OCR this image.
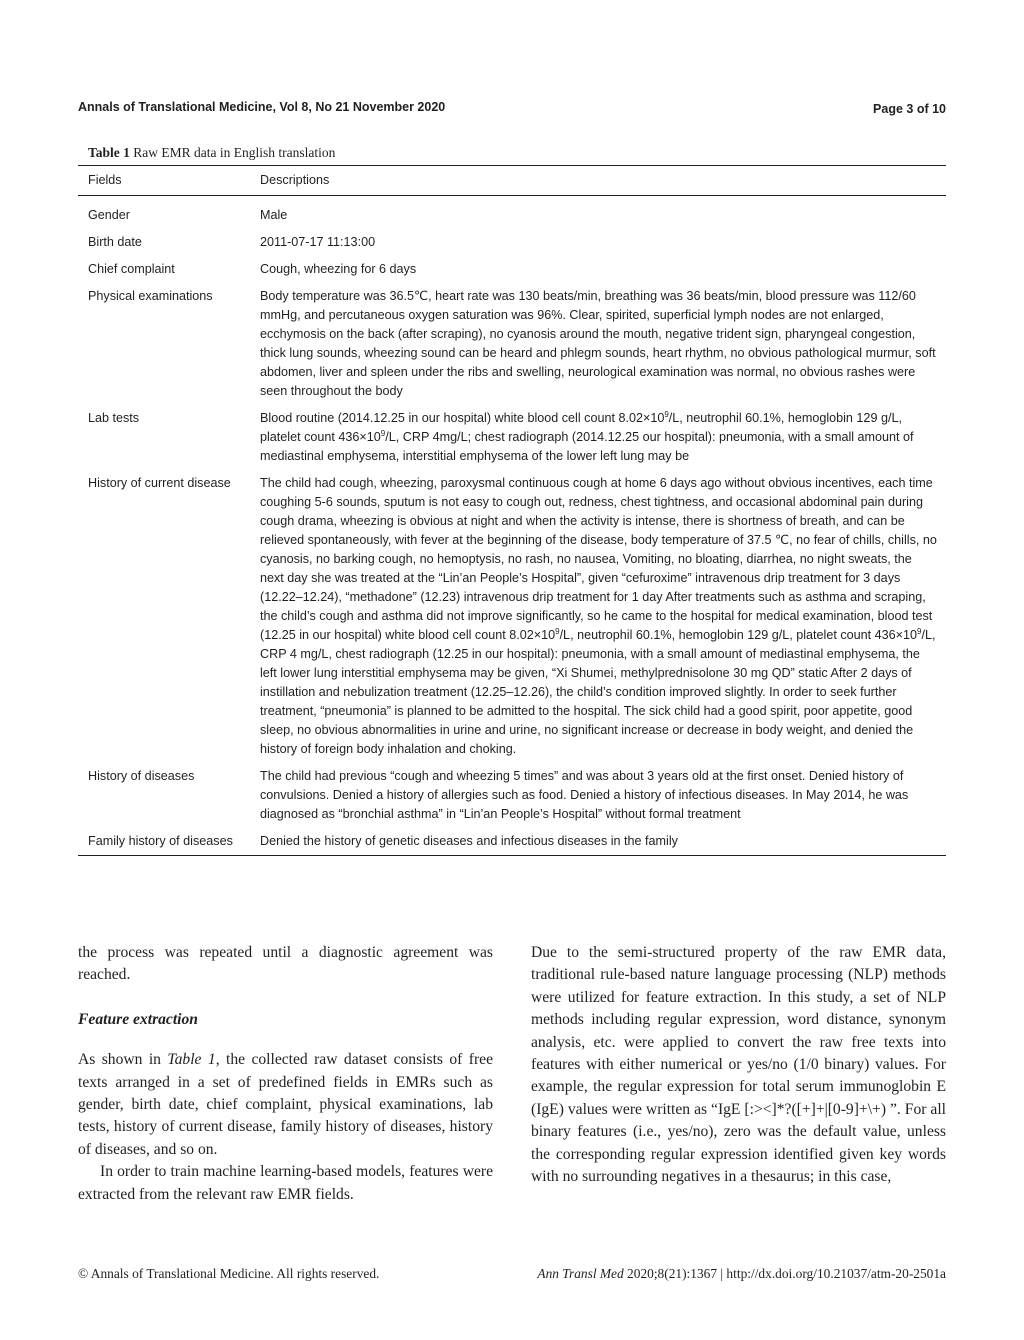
Annals of Translational Medicine, Vol 8, No 21 November 2020	Page 3 of 10
Table 1 Raw EMR data in English translation
Fields	Descriptions
Gender	Male
Birth date	2011-07-17 11:13:00
Chief complaint	Cough, wheezing for 6 days
Physical examinations	Body temperature was 36.5℃, heart rate was 130 beats/min, breathing was 36 beats/min, blood pressure was 112/60 mmHg, and percutaneous oxygen saturation was 96%. Clear, spirited, superficial lymph nodes are not enlarged, ecchymosis on the back (after scraping), no cyanosis around the mouth, negative trident sign, pharyngeal congestion, thick lung sounds, wheezing sound can be heard and phlegm sounds, heart rhythm, no obvious pathological murmur, soft abdomen, liver and spleen under the ribs and swelling, neurological examination was normal, no obvious rashes were seen throughout the body
Lab tests	Blood routine (2014.12.25 in our hospital) white blood cell count $8.02\times 10^9/L$, neutrophil 60.1%, hemoglobin 129 g/L, platelet count $436\times 10^9/L$, CRP 4mg/L; chest radiograph (2014.12.25 our hospital): pneumonia, with a small amount of mediastinal emphysema, interstitial emphysema of the lower left lung may be
History of current disease	The child had cough, wheezing, paroxysmal continuous cough at home 6 days ago without obvious incentives, each time coughing 5-6 sounds, sputum is not easy to cough out, redness, chest tightness, and occasional abdominal pain during cough drama, wheezing is obvious at night and when the activity is intense, there is shortness of breath, and can be relieved spontaneously, with fever at the beginning of the disease, body temperature of 37.5 ℃, no fear of chills, chills, no cyanosis, no barking cough, no hemoptysis, no rash, no nausea, Vomiting, no bloating, diarrhea, no night sweats, the next day she was treated at the “Lin’an People’s Hospital”, given “cefuroxime” intravenous drip treatment for 3 days (12.22–12.24), “methadone” (12.23) intravenous drip treatment for 1 day After treatments such as asthma and scraping, the child’s cough and asthma did not improve significantly, so he came to the hospital for medical examination, blood test (12.25 in our hospital) white blood cell count $8.02\times 10^9/L$, neutrophil 60.1%, hemoglobin 129 g/L, platelet count $436\times 10^9/L$, CRP 4 mg/L, chest radiograph (12.25 in our hospital): pneumonia, with a small amount of mediastinal emphysema, the left lower lung interstitial emphysema may be given, “Xi Shumei, methylprednisolone 30 mg QD” static After 2 days of instillation and nebulization treatment (12.25–12.26), the child’s condition improved slightly. In order to seek further treatment, “pneumonia” is planned to be admitted to the hospital. The sick child had a good spirit, poor appetite, good sleep, no obvious abnormalities in urine and urine, no significant increase or decrease in body weight, and denied the history of foreign body inhalation and choking.
History of diseases	The child had previous “cough and wheezing 5 times” and was about 3 years old at the first onset. Denied history of convulsions. Denied a history of allergies such as food. Denied a history of infectious diseases. In May 2014, he was diagnosed as “bronchial asthma” in “Lin’an People’s Hospital” without formal treatment
Family history of diseases	Denied the history of genetic diseases and infectious diseases in the family

the process was repeated until a diagnostic agreement was reached.

Feature extraction

As shown in Table 1, the collected raw dataset consists of free texts arranged in a set of predefined fields in EMRs such as gender, birth date, chief complaint, physical examinations, lab tests, history of current disease, family history of diseases, history of diseases, and so on.

In order to train machine learning-based models, features were extracted from the relevant raw EMR fields.

Due to the semi-structured property of the raw EMR data, traditional rule-based nature language processing (NLP) methods were utilized for feature extraction. In this study, a set of NLP methods including regular expression, word distance, synonym analysis, etc. were applied to convert the raw free texts into features with either numerical or yes/no (1/0 binary) values. For example, the regular expression for total serum immunoglobin E (IgE) values were written as “IgE [:><]*?([+]+|[0-9]+\+) ”. For all binary features (i.e., yes/no), zero was the default value, unless the corresponding regular expression identified given key words with no surrounding negatives in a thesaurus; in this case,

© Annals of Translational Medicine. All rights reserved.	Ann Transl Med 2020;8(21):1367 | http://dx.doi.org/10.21037/atm-20-2501a
